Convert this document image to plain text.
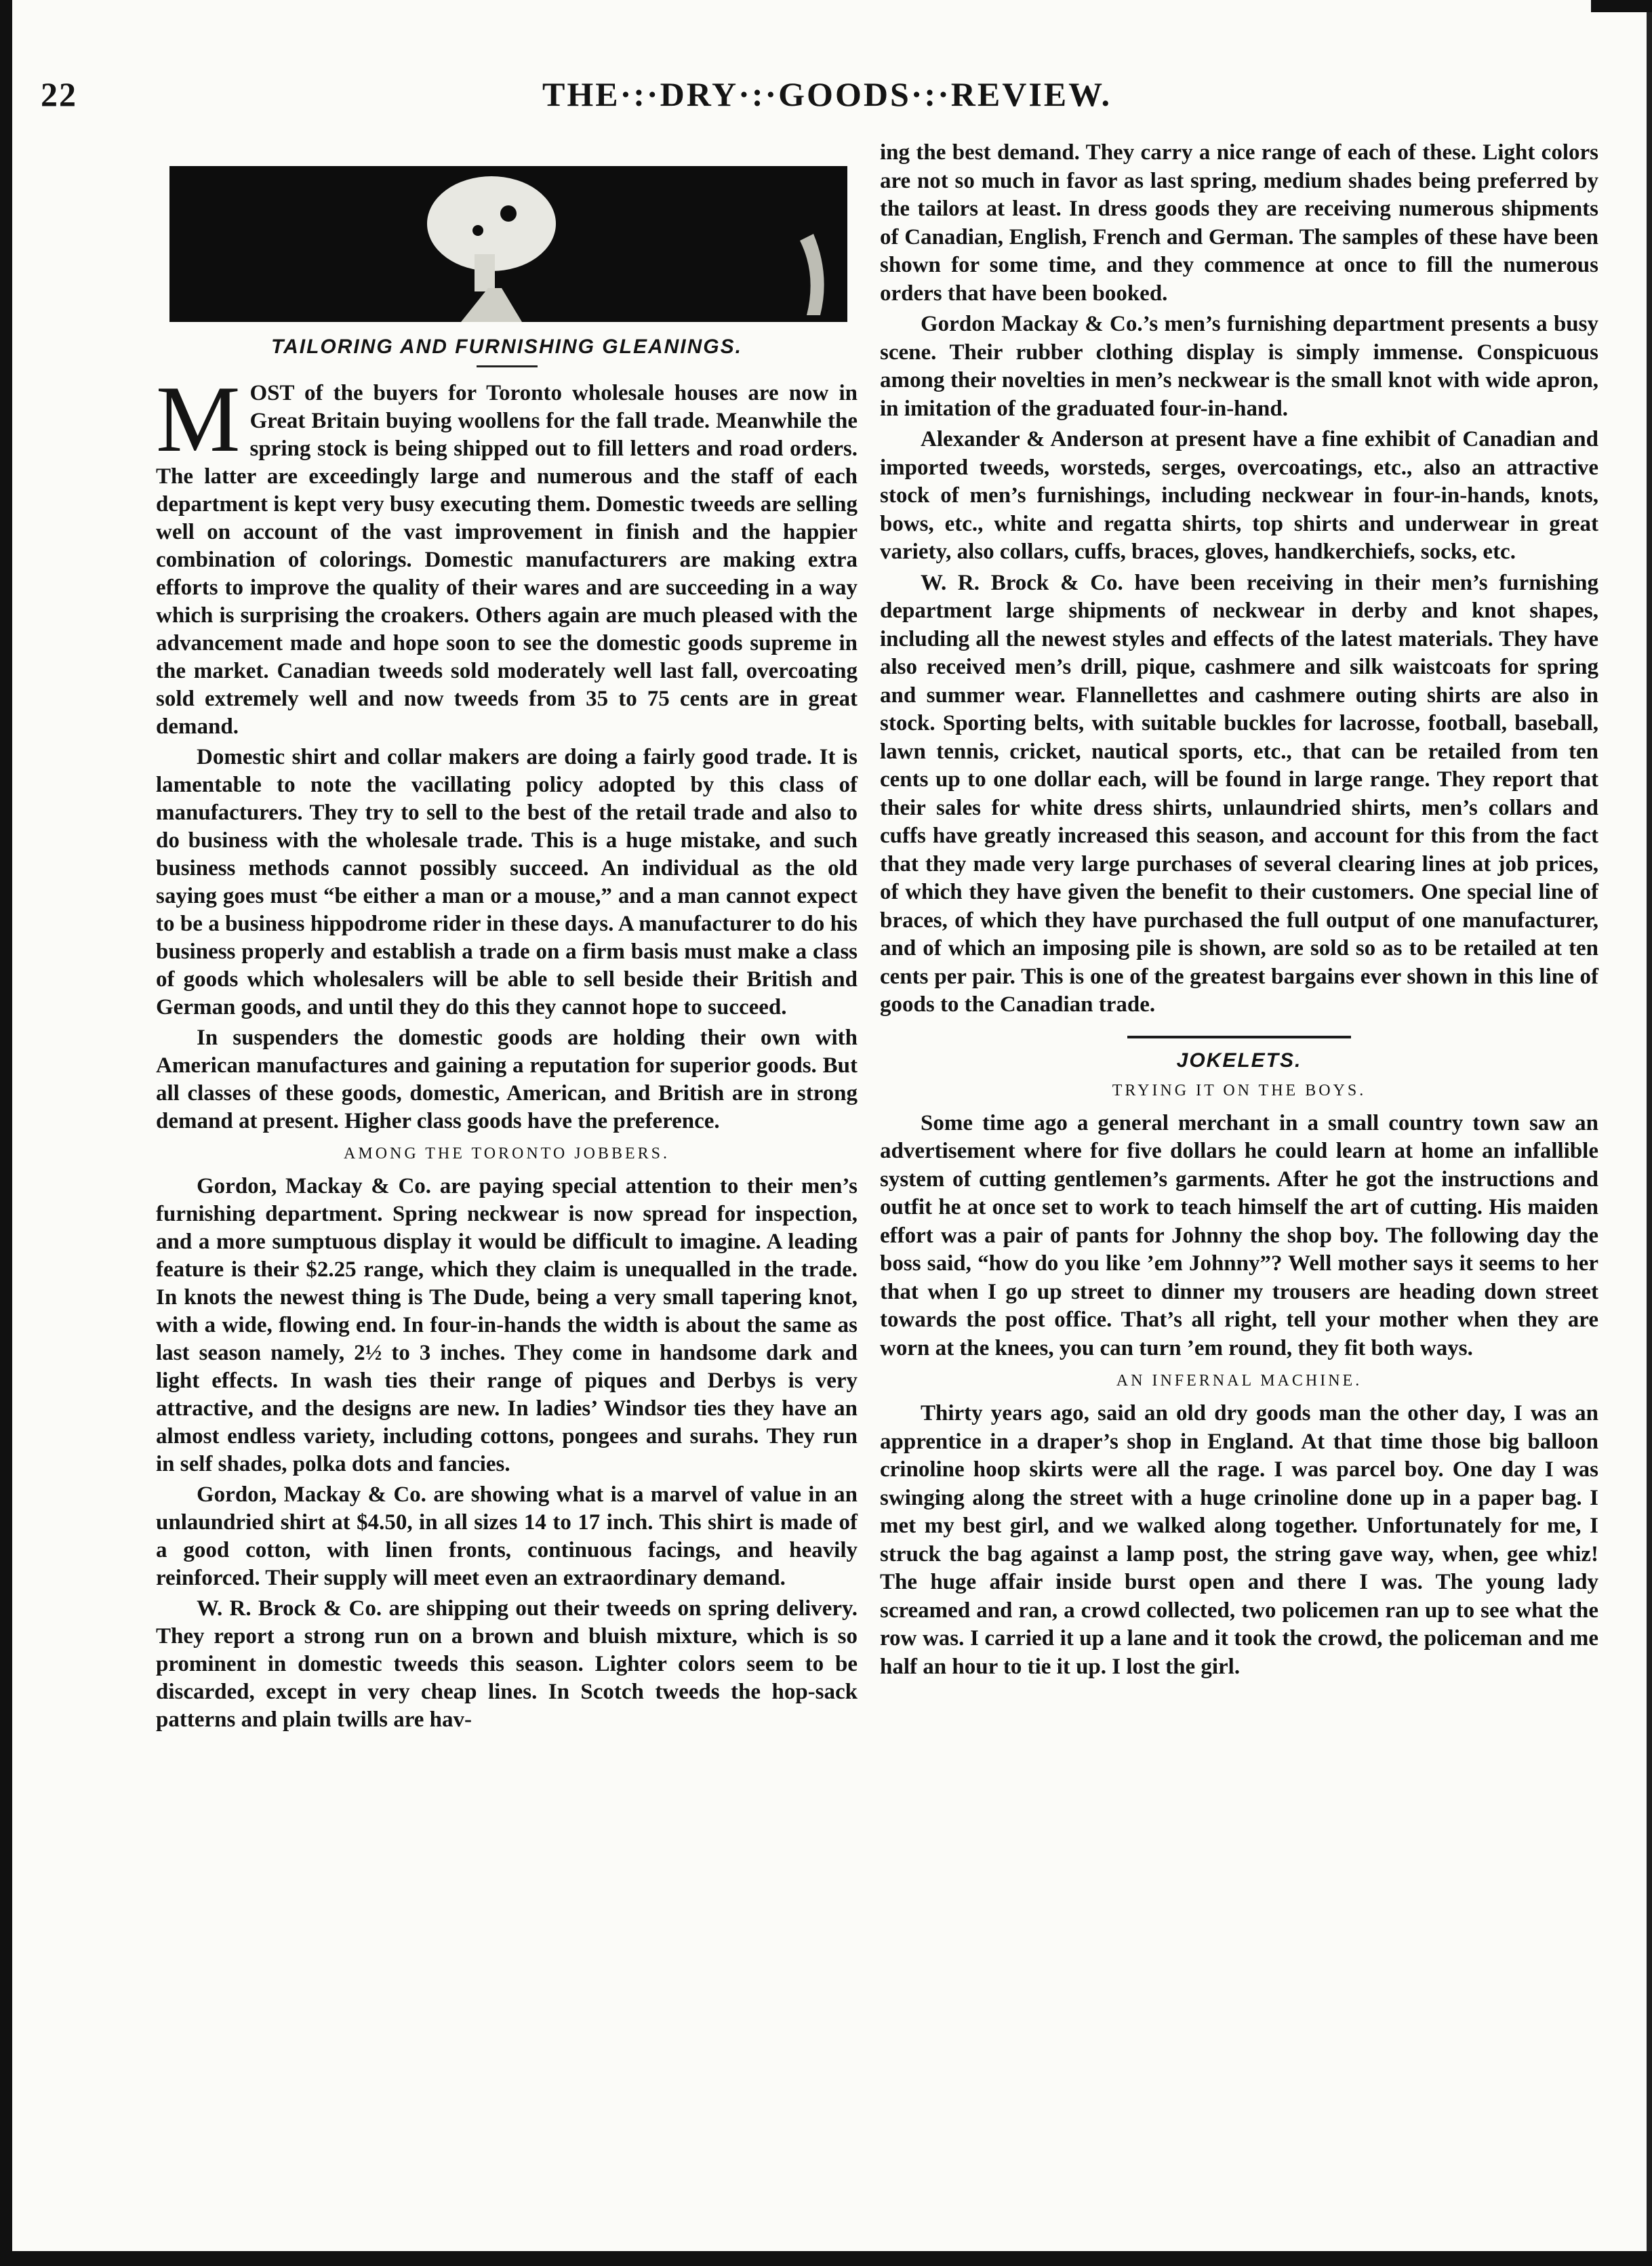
22	THE·:·DRY·:·GOODS·:·REVIEW.
TAILORING AND FURNISHING GLEANINGS.

MOST of the buyers for Toronto wholesale houses are now in Great Britain buying woollens for the fall trade. Meanwhile the spring stock is being shipped out to fill letters and road orders. The latter are exceedingly large and numerous and the staff of each department is kept very busy executing them. Domestic tweeds are selling well on account of the vast improvement in finish and the happier combination of colorings. Domestic manufacturers are making extra efforts to improve the quality of their wares and are succeeding in a way which is surprising the croakers. Others again are much pleased with the advancement made and hope soon to see the domestic goods supreme in the market. Canadian tweeds sold moderately well last fall, overcoating sold extremely well and now tweeds from 35 to 75 cents are in great demand.

Domestic shirt and collar makers are doing a fairly good trade. It is lamentable to note the vacillating policy adopted by this class of manufacturers. They try to sell to the best of the retail trade and also to do business with the wholesale trade. This is a huge mistake, and such business methods cannot possibly succeed. An individual as the old saying goes must “be either a man or a mouse,” and a man cannot expect to be a business hippodrome rider in these days. A manufacturer to do his business properly and establish a trade on a firm basis must make a class of goods which wholesalers will be able to sell beside their British and German goods, and until they do this they cannot hope to succeed.

In suspenders the domestic goods are holding their own with American manufactures and gaining a reputation for superior goods. But all classes of these goods, domestic, American, and British are in strong demand at present. Higher class goods have the preference.

AMONG THE TORONTO JOBBERS.

Gordon, Mackay & Co. are paying special attention to their men’s furnishing department. Spring neckwear is now spread for inspection, and a more sumptuous display it would be difficult to imagine. A leading feature is their $2.25 range, which they claim is unequalled in the trade. In knots the newest thing is The Dude, being a very small tapering knot, with a wide, flowing end. In four-in-hands the width is about the same as last season namely, 2½ to 3 inches. They come in handsome dark and light effects. In wash ties their range of piques and Derbys is very attractive, and the designs are new. In ladies’ Windsor ties they have an almost endless variety, including cottons, pongees and surahs. They run in self shades, polka dots and fancies.

Gordon, Mackay & Co. are showing what is a marvel of value in an unlaundried shirt at $4.50, in all sizes 14 to 17 inch. This shirt is made of a good cotton, with linen fronts, continuous facings, and heavily reinforced. Their supply will meet even an extraordinary demand.

W. R. Brock & Co. are shipping out their tweeds on spring delivery. They report a strong run on a brown and bluish mixture, which is so prominent in domestic tweeds this season. Lighter colors seem to be discarded, except in very cheap lines. In Scotch tweeds the hop-sack patterns and plain twills are hav-

ing the best demand. They carry a nice range of each of these. Light colors are not so much in favor as last spring, medium shades being preferred by the tailors at least. In dress goods they are receiving numerous shipments of Canadian, English, French and German. The samples of these have been shown for some time, and they commence at once to fill the numerous orders that have been booked.

Gordon Mackay & Co.’s men’s furnishing department presents a busy scene. Their rubber clothing display is simply immense. Conspicuous among their novelties in men’s neckwear is the small knot with wide apron, in imitation of the graduated four-in-hand.

Alexander & Anderson at present have a fine exhibit of Canadian and imported tweeds, worsteds, serges, overcoatings, etc., also an attractive stock of men’s furnishings, including neckwear in four-in-hands, knots, bows, etc., white and regatta shirts, top shirts and underwear in great variety, also collars, cuffs, braces, gloves, handkerchiefs, socks, etc.

W. R. Brock & Co. have been receiving in their men’s furnishing department large shipments of neckwear in derby and knot shapes, including all the newest styles and effects of the latest materials. They have also received men’s drill, pique, cashmere and silk waistcoats for spring and summer wear. Flannellettes and cashmere outing shirts are also in stock. Sporting belts, with suitable buckles for lacrosse, football, baseball, lawn tennis, cricket, nautical sports, etc., that can be retailed from ten cents up to one dollar each, will be found in large range. They report that their sales for white dress shirts, unlaundried shirts, men’s collars and cuffs have greatly increased this season, and account for this from the fact that they made very large purchases of several clearing lines at job prices, of which they have given the benefit to their customers. One special line of braces, of which they have purchased the full output of one manufacturer, and of which an imposing pile is shown, are sold so as to be retailed at ten cents per pair. This is one of the greatest bargains ever shown in this line of goods to the Canadian trade.

JOKELETS.
TRYING IT ON THE BOYS.

Some time ago a general merchant in a small country town saw an advertisement where for five dollars he could learn at home an infallible system of cutting gentlemen’s garments. After he got the instructions and outfit he at once set to work to teach himself the art of cutting. His maiden effort was a pair of pants for Johnny the shop boy. The following day the boss said, “how do you like ’em Johnny”? Well mother says it seems to her that when I go up street to dinner my trousers are heading down street towards the post office. That’s all right, tell your mother when they are worn at the knees, you can turn ’em round, they fit both ways.

AN INFERNAL MACHINE.

Thirty years ago, said an old dry goods man the other day, I was an apprentice in a draper’s shop in England. At that time those big balloon crinoline hoop skirts were all the rage. I was parcel boy. One day I was swinging along the street with a huge crinoline done up in a paper bag. I met my best girl, and we walked along together. Unfortunately for me, I struck the bag against a lamp post, the string gave way, when, gee whiz! The huge affair inside burst open and there I was. The young lady screamed and ran, a crowd collected, two policemen ran up to see what the row was. I carried it up a lane and it took the crowd, the policeman and me half an hour to tie it up. I lost the girl.
